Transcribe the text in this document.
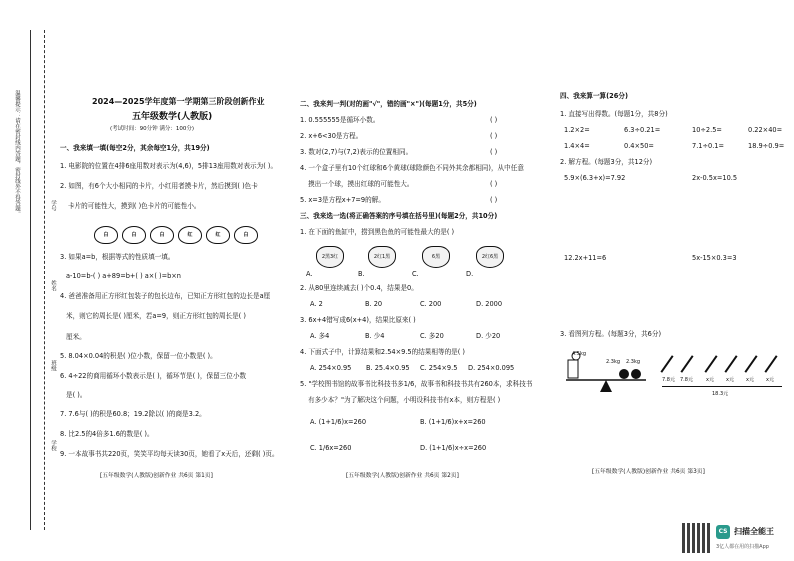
温馨提示：请在密封线内答题，密封线外不得答题。
学校
班级
姓名
学号
2024—2025学年度第一学期第三阶段创新作业
五年级数学(人教版)
(考试时间：90分钟 满分：100分)
一、我来填一填(每空2分，其余每空1分，共19分)
1. 电影院的位置在4排6座用数对表示为(4,6)，5排13座用数对表示为( )。
2. 如图，有6个大小相同的卡片，小红用者摸卡片，然后摸到( )色卡
卡片的可能性大，摸到( )色卡片的可能性小。
白	白	白	红	红	白
3. 如果a=b，根据等式的性质填一填。
a-10=b-( ) a+89=b+( ) a×( )=b×n
4. 爸爸准备用正方形红包装子的包长边布，已知正方形红包的边长是a厘
米，则它的周长是( )厘米，若a=9，则正方形红包的周长是( )
厘米。
5. 8.04×0.04的积是( )位小数，保留一位小数是( )。
6. 4÷22的商用循环小数表示是( )，循环节是( )，保留三位小数
是( )。
7. 7.6与( )的积是60.8；19.2除以( )的商是3.2。
8. 比2.5的4倍多1.6的数是( )。
9. 一本故事书共220页，笑笑平均每天读30页，她看了x天后，还剩( )页。
[五年级数学(人教版)创新作业 共6页 第1页]
二、我来判一判(对的画"√"，错的画"×")(每题1分，共5分)
1. 0.555555是循环小数。	( )
2. x+6<30是方程。	( )
3. 数对(2,7)与(7,2)表示的位置相同。	( )
4. 一个盒子里有10个红球和6个黄球(球除颜色不同外其余都相同)，从中任意
摸出一个球，摸出红球的可能性大。	( )
5. x=3是方程x+7=9的解。	( )
三、我来选一选(将正确答案的序号填在括号里)(每题2分，共10分)
1. 在下面的鱼缸中，捞到黑色鱼的可能性最大的是( )
2黑3红	2红1黑	6黑	2红6黑
A.	B.	C.	D.
2. 从80里连续减去( )个0.4，结果是0。
A. 2	B. 20	C. 200	D. 2000
3. 6x+4错写成6(x+4)，结果比原来( )
A. 多4	B. 少4	C. 多20	D. 少20
4. 下面式子中，计算结果和2.54×9.5的结果相等的是( )
A. 254×0.95 B. 25.4×0.95 C. 254×9.5 D. 254×0.095
5. "学校图书馆的故事书比科技书多1/6，故事书和科技书共有260本，求科技书
有多少本？"为了解决这个问题，小明设科技书有x本，则方程是( )
A. (1+1/6)x=260	B. (1+1/6)x+x=260
C. 1/6x=260	D. (1+1/6)x÷x=260
[五年级数学(人教版)创新作业 共6页 第2页]
四、我来算一算(26分)
1. 直接写出得数。(每题1分，共8分)
1.2×2=	6.3÷0.21=	10÷2.5=	0.22×40=
1.4×4=	0.4×50=	7.1÷0.1=	18.9÷0.9=
2. 解方程。(每题3分，共12分)
5.9×(6.3+x)=7.92	2x-0.5x=10.5
12.2x+11=6	5x-15×0.3=3
3. 看图列方程。(每题3分，共6分)
4.5kg
2.3kg 2.3kg
7.8元 7.8元	x元 x元 x元 x元
18.3元
[五年级数学(人教版)创新作业 共6页 第3页]
CS 扫描全能王
3亿人都在用的扫描App
